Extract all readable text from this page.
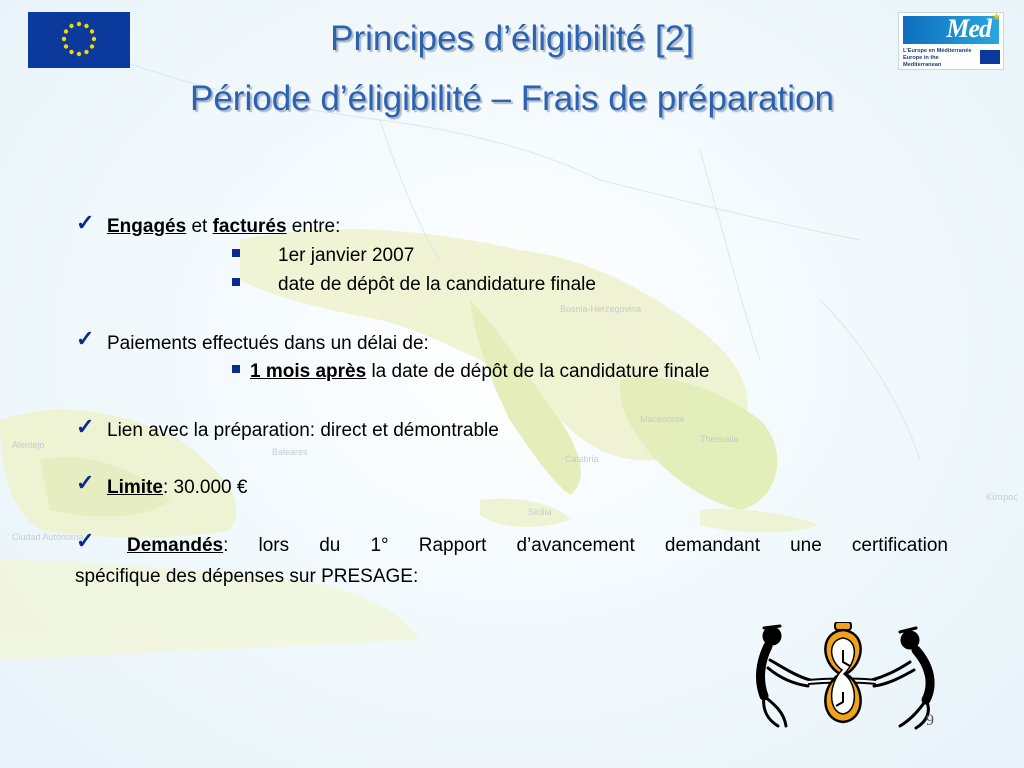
Bosnia-Herzegovina
Macedonia
Thessalia
Calabria
Sicilia
Baleares
Alentejo
Ciudad Autónoma
Κύπρος
Med ★
L'Europe en Méditerranée
Europe in the Mediterranean
Principes d’éligibilité [2]
Période d’éligibilité – Frais de préparation
✓ Engagés et facturés entre:
1er janvier 2007
date de dépôt de la candidature finale
✓ Paiements effectués dans un délai de:
1 mois après la date de dépôt de la candidature finale
✓ Lien avec la préparation: direct et démontrable
✓ Limite: 30.000 €
✓	Demandés: lors du 1° Rapport d’avancement demandant une certification
spécifique des dépenses sur PRESAGE:
9
